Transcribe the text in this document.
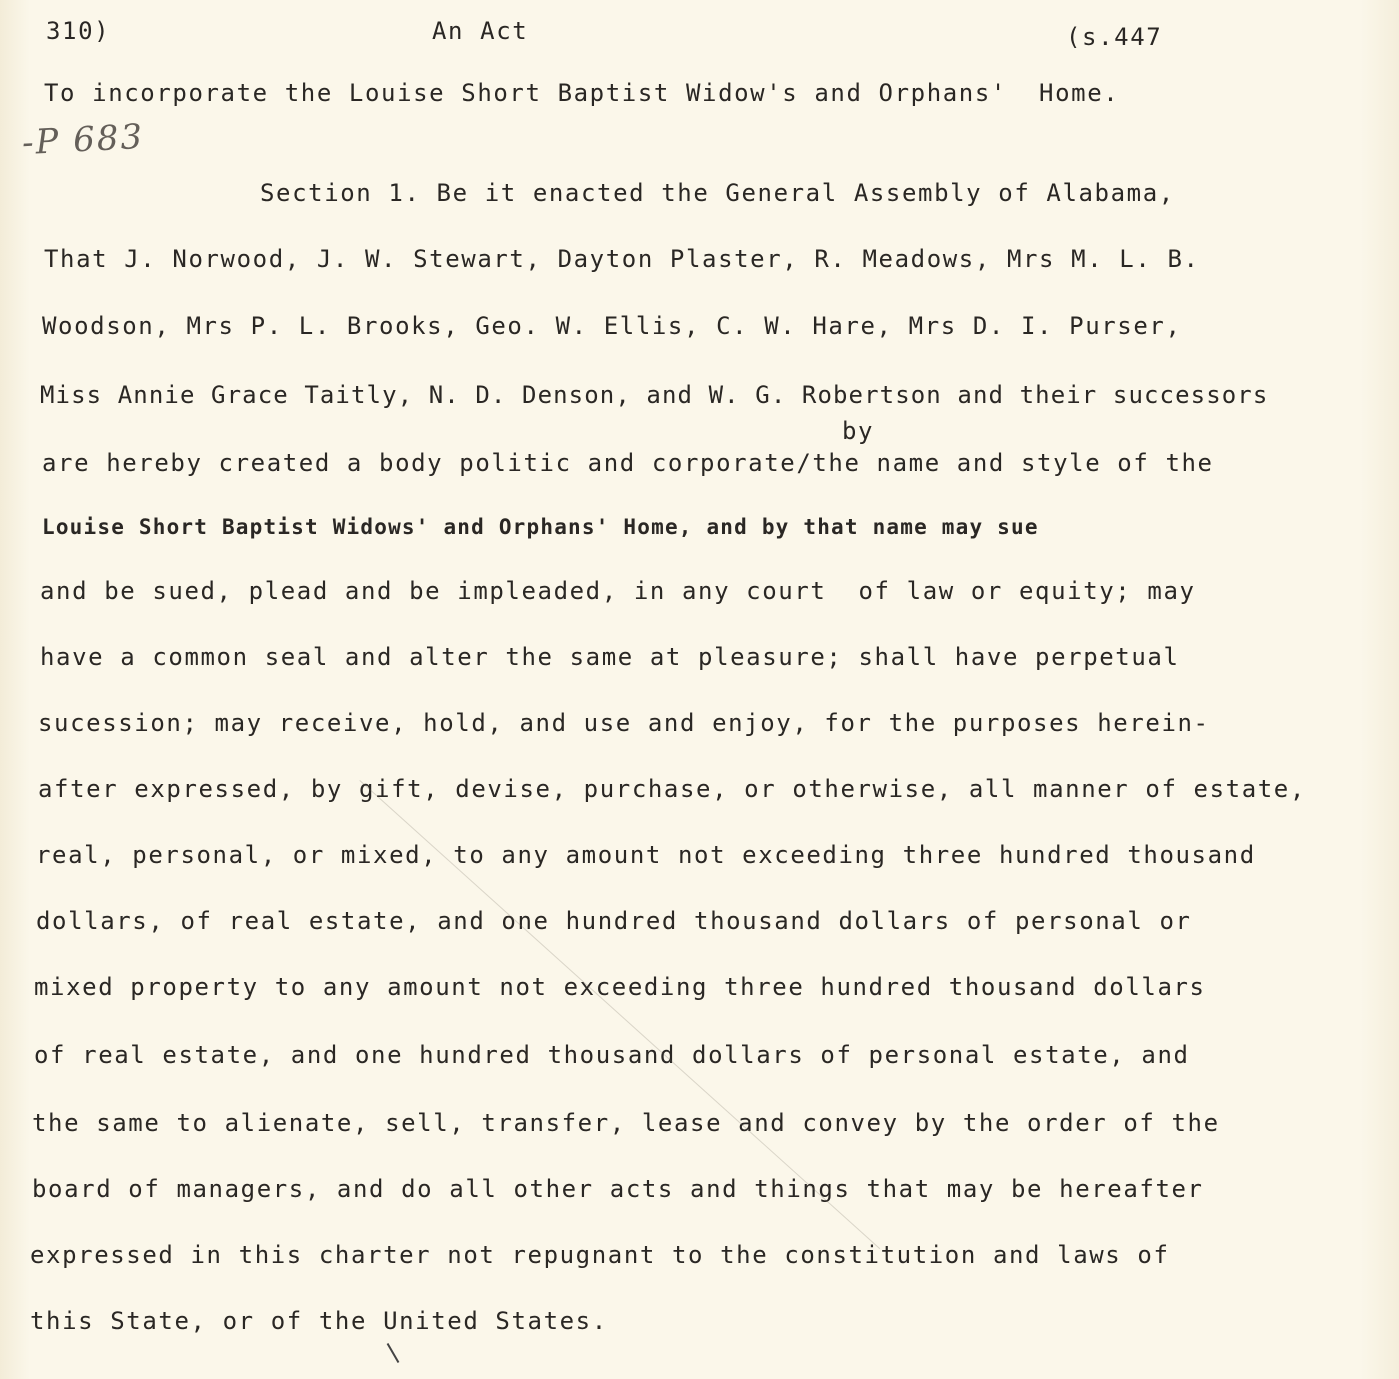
310)	An Act	(s.447
To incorporate the Louise Short Baptist Widow's and Orphans'  Home.
-P 683
Section 1. Be it enacted the General Assembly of Alabama,
That J. Norwood, J. W. Stewart, Dayton Plaster, R. Meadows, Mrs M. L. B.
Woodson, Mrs P. L. Brooks, Geo. W. Ellis, C. W. Hare, Mrs D. I. Purser,
Miss Annie Grace Taitly, N. D. Denson, and W. G. Robertson and their successors
by
are hereby created a body politic and corporate/the name and style of the
Louise Short Baptist Widows' and Orphans' Home, and by that name may sue
and be sued, plead and be impleaded, in any court  of law or equity; may
have a common seal and alter the same at pleasure; shall have perpetual
sucession; may receive, hold, and use and enjoy, for the purposes herein-
after expressed, by gift, devise, purchase, or otherwise, all manner of estate,
real, personal, or mixed, to any amount not exceeding three hundred thousand
dollars, of real estate, and one hundred thousand dollars of personal or
mixed property to any amount not exceeding three hundred thousand dollars
of real estate, and one hundred thousand dollars of personal estate, and
the same to alienate, sell, transfer, lease and convey by the order of the
board of managers, and do all other acts and things that may be hereafter
expressed in this charter not repugnant to the constitution and laws of
this State, or of the United States.
